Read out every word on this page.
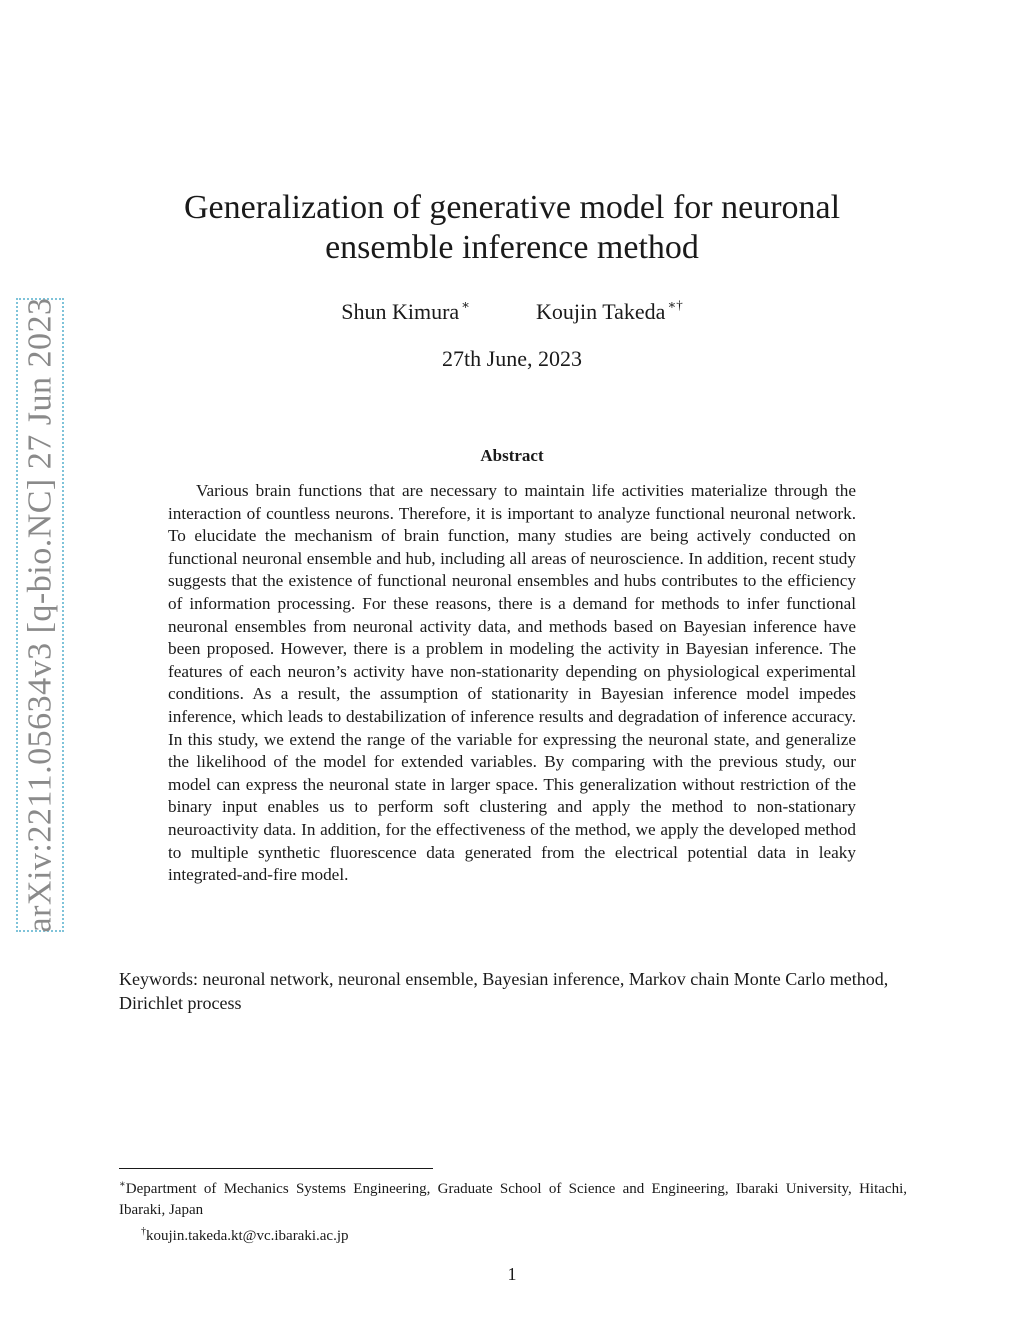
arXiv:2211.05634v3 [q-bio.NC] 27 Jun 2023
Generalization of generative model for neuronal
ensemble inference method
Shun Kimura ∗	Koujin Takeda ∗†
27th June, 2023
Abstract

Various brain functions that are necessary to maintain life activities materialize through the interaction of countless neurons. Therefore, it is important to analyze functional neuronal network. To elucidate the mechanism of brain function, many studies are being actively conducted on functional neuronal ensemble and hub, including all areas of neuroscience. In addition, recent study suggests that the existence of functional neuronal ensembles and hubs contributes to the efficiency of information processing. For these reasons, there is a demand for methods to infer functional neuronal ensembles from neuronal activity data, and methods based on Bayesian inference have been proposed. However, there is a problem in modeling the activity in Bayesian inference. The features of each neuron’s activity have non-stationarity depending on physiological experimental conditions. As a result, the assumption of stationarity in Bayesian inference model impedes inference, which leads to destabilization of inference results and degradation of inference accuracy. In this study, we extend the range of the variable for expressing the neuronal state, and generalize the likelihood of the model for extended variables. By comparing with the previous study, our model can express the neuronal state in larger space. This generalization without restriction of the binary input enables us to perform soft clustering and apply the method to non-stationary neuroactivity data. In addition, for the effectiveness of the method, we apply the developed method to multiple synthetic fluorescence data generated from the electrical potential data in leaky integrated-and-fire model.

Keywords: neuronal network, neuronal ensemble, Bayesian inference, Markov chain Monte Carlo method, Dirichlet process

∗Department of Mechanics Systems Engineering, Graduate School of Science and Engineering, Ibaraki University, Hitachi, Ibaraki, Japan

†koujin.takeda.kt@vc.ibaraki.ac.jp

1
